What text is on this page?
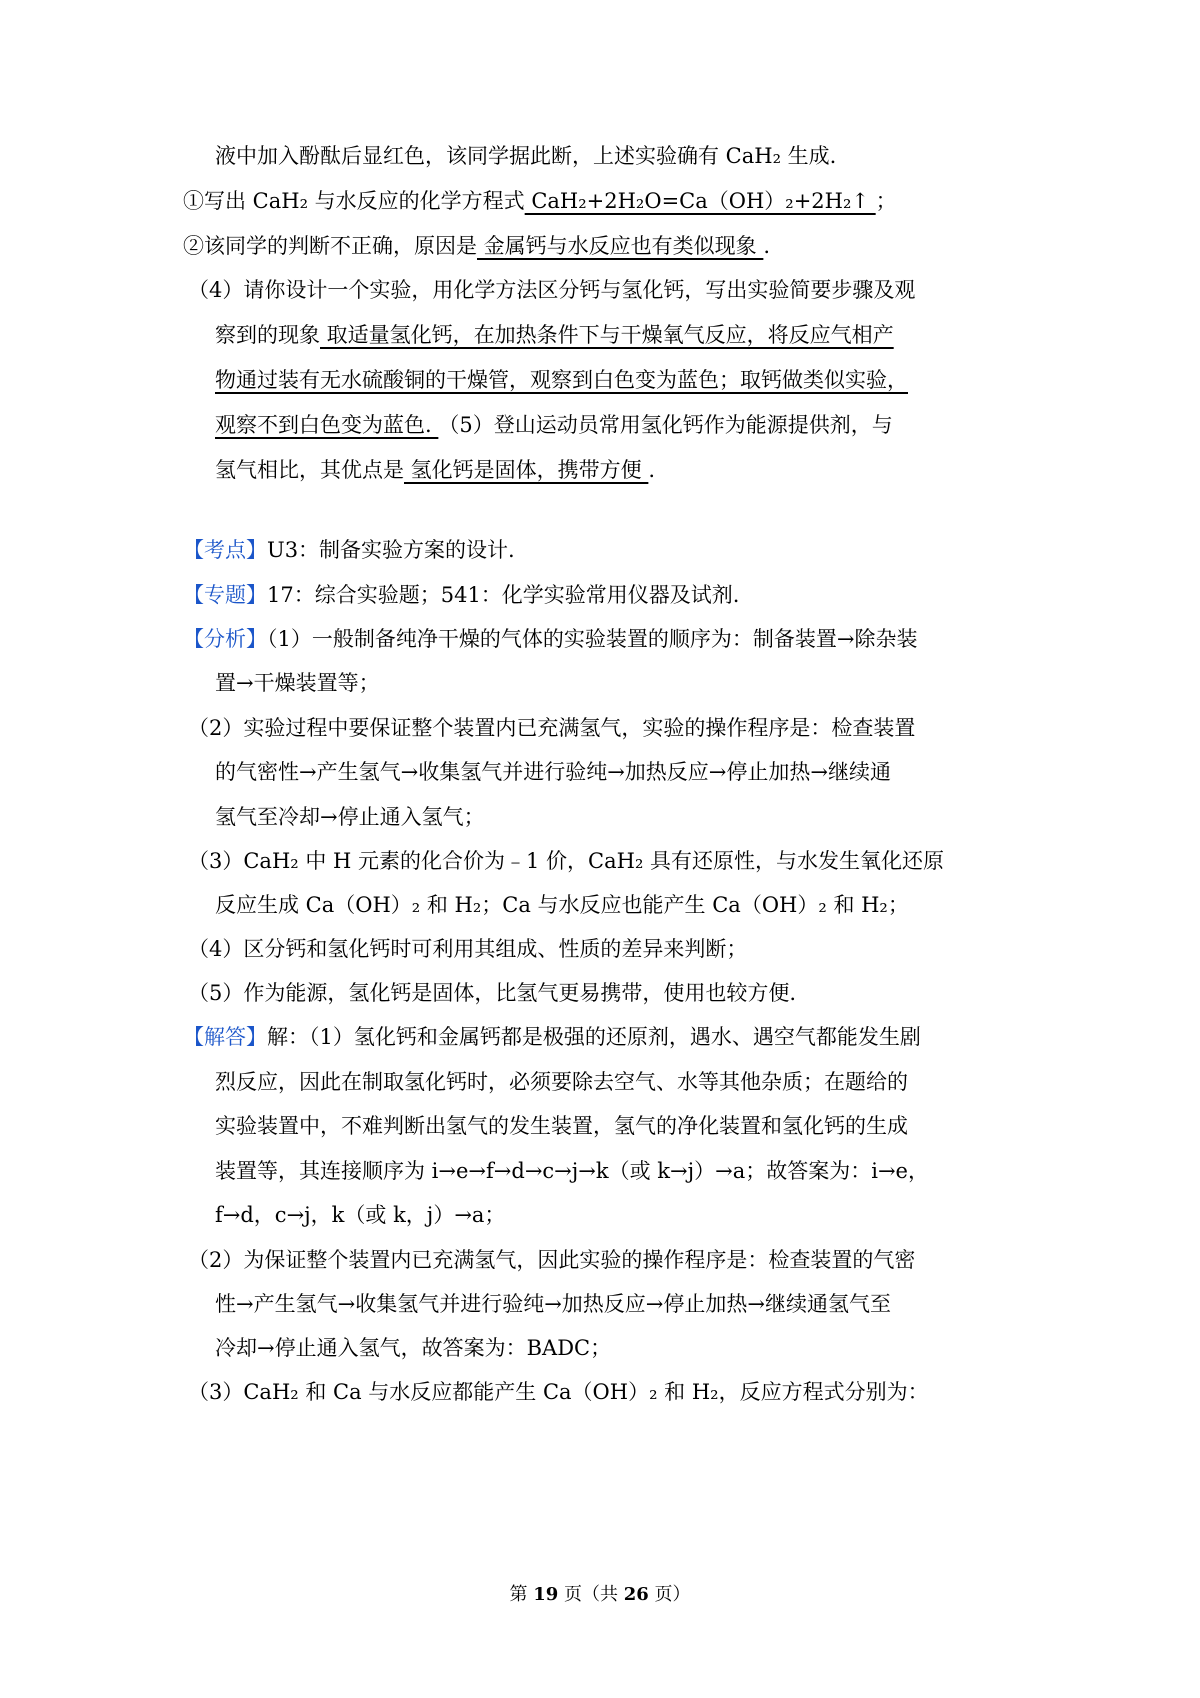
液中加入酚酞后显红色，该同学据此断，上述实验确有 CaH₂ 生成.
①写出 CaH₂ 与水反应的化学方程式 CaH₂+2H₂O=Ca（OH）₂+2H₂↑ ；
②该同学的判断不正确，原因是 金属钙与水反应也有类似现象 .
（4）请你设计一个实验，用化学方法区分钙与氢化钙，写出实验简要步骤及观
察到的现象 取适量氢化钙，在加热条件下与干燥氧气反应，将反应气相产
物通过装有无水硫酸铜的干燥管，观察到白色变为蓝色；取钙做类似实验，
观察不到白色变为蓝色. （5）登山运动员常用氢化钙作为能源提供剂，与
氢气相比，其优点是 氢化钙是固体，携带方便 .
【考点】U3：制备实验方案的设计.
【专题】17：综合实验题；541：化学实验常用仪器及试剂.
【分析】（1）一般制备纯净干燥的气体的实验装置的顺序为：制备装置→除杂装
置→干燥装置等；
（2）实验过程中要保证整个装置内已充满氢气，实验的操作程序是：检查装置
的气密性→产生氢气→收集氢气并进行验纯→加热反应→停止加热→继续通
氢气至冷却→停止通入氢气；
（3）CaH₂ 中 H 元素的化合价为﹣1 价，CaH₂ 具有还原性，与水发生氧化还原
反应生成 Ca（OH）₂ 和 H₂；Ca 与水反应也能产生 Ca（OH）₂ 和 H₂；
（4）区分钙和氢化钙时可利用其组成、性质的差异来判断；
（5）作为能源，氢化钙是固体，比氢气更易携带，使用也较方便.
【解答】解：（1）氢化钙和金属钙都是极强的还原剂，遇水、遇空气都能发生剧
烈反应，因此在制取氢化钙时，必须要除去空气、水等其他杂质；在题给的
实验装置中，不难判断出氢气的发生装置，氢气的净化装置和氢化钙的生成
装置等，其连接顺序为 i→e→f→d→c→j→k（或 k→j）→a；故答案为：i→e，
f→d，c→j，k（或 k，j）→a；
（2）为保证整个装置内已充满氢气，因此实验的操作程序是：检查装置的气密
性→产生氢气→收集氢气并进行验纯→加热反应→停止加热→继续通氢气至
冷却→停止通入氢气，故答案为：BADC；
（3）CaH₂ 和 Ca 与水反应都能产生 Ca（OH）₂ 和 H₂，反应方程式分别为：
第 19 页（共 26 页）
